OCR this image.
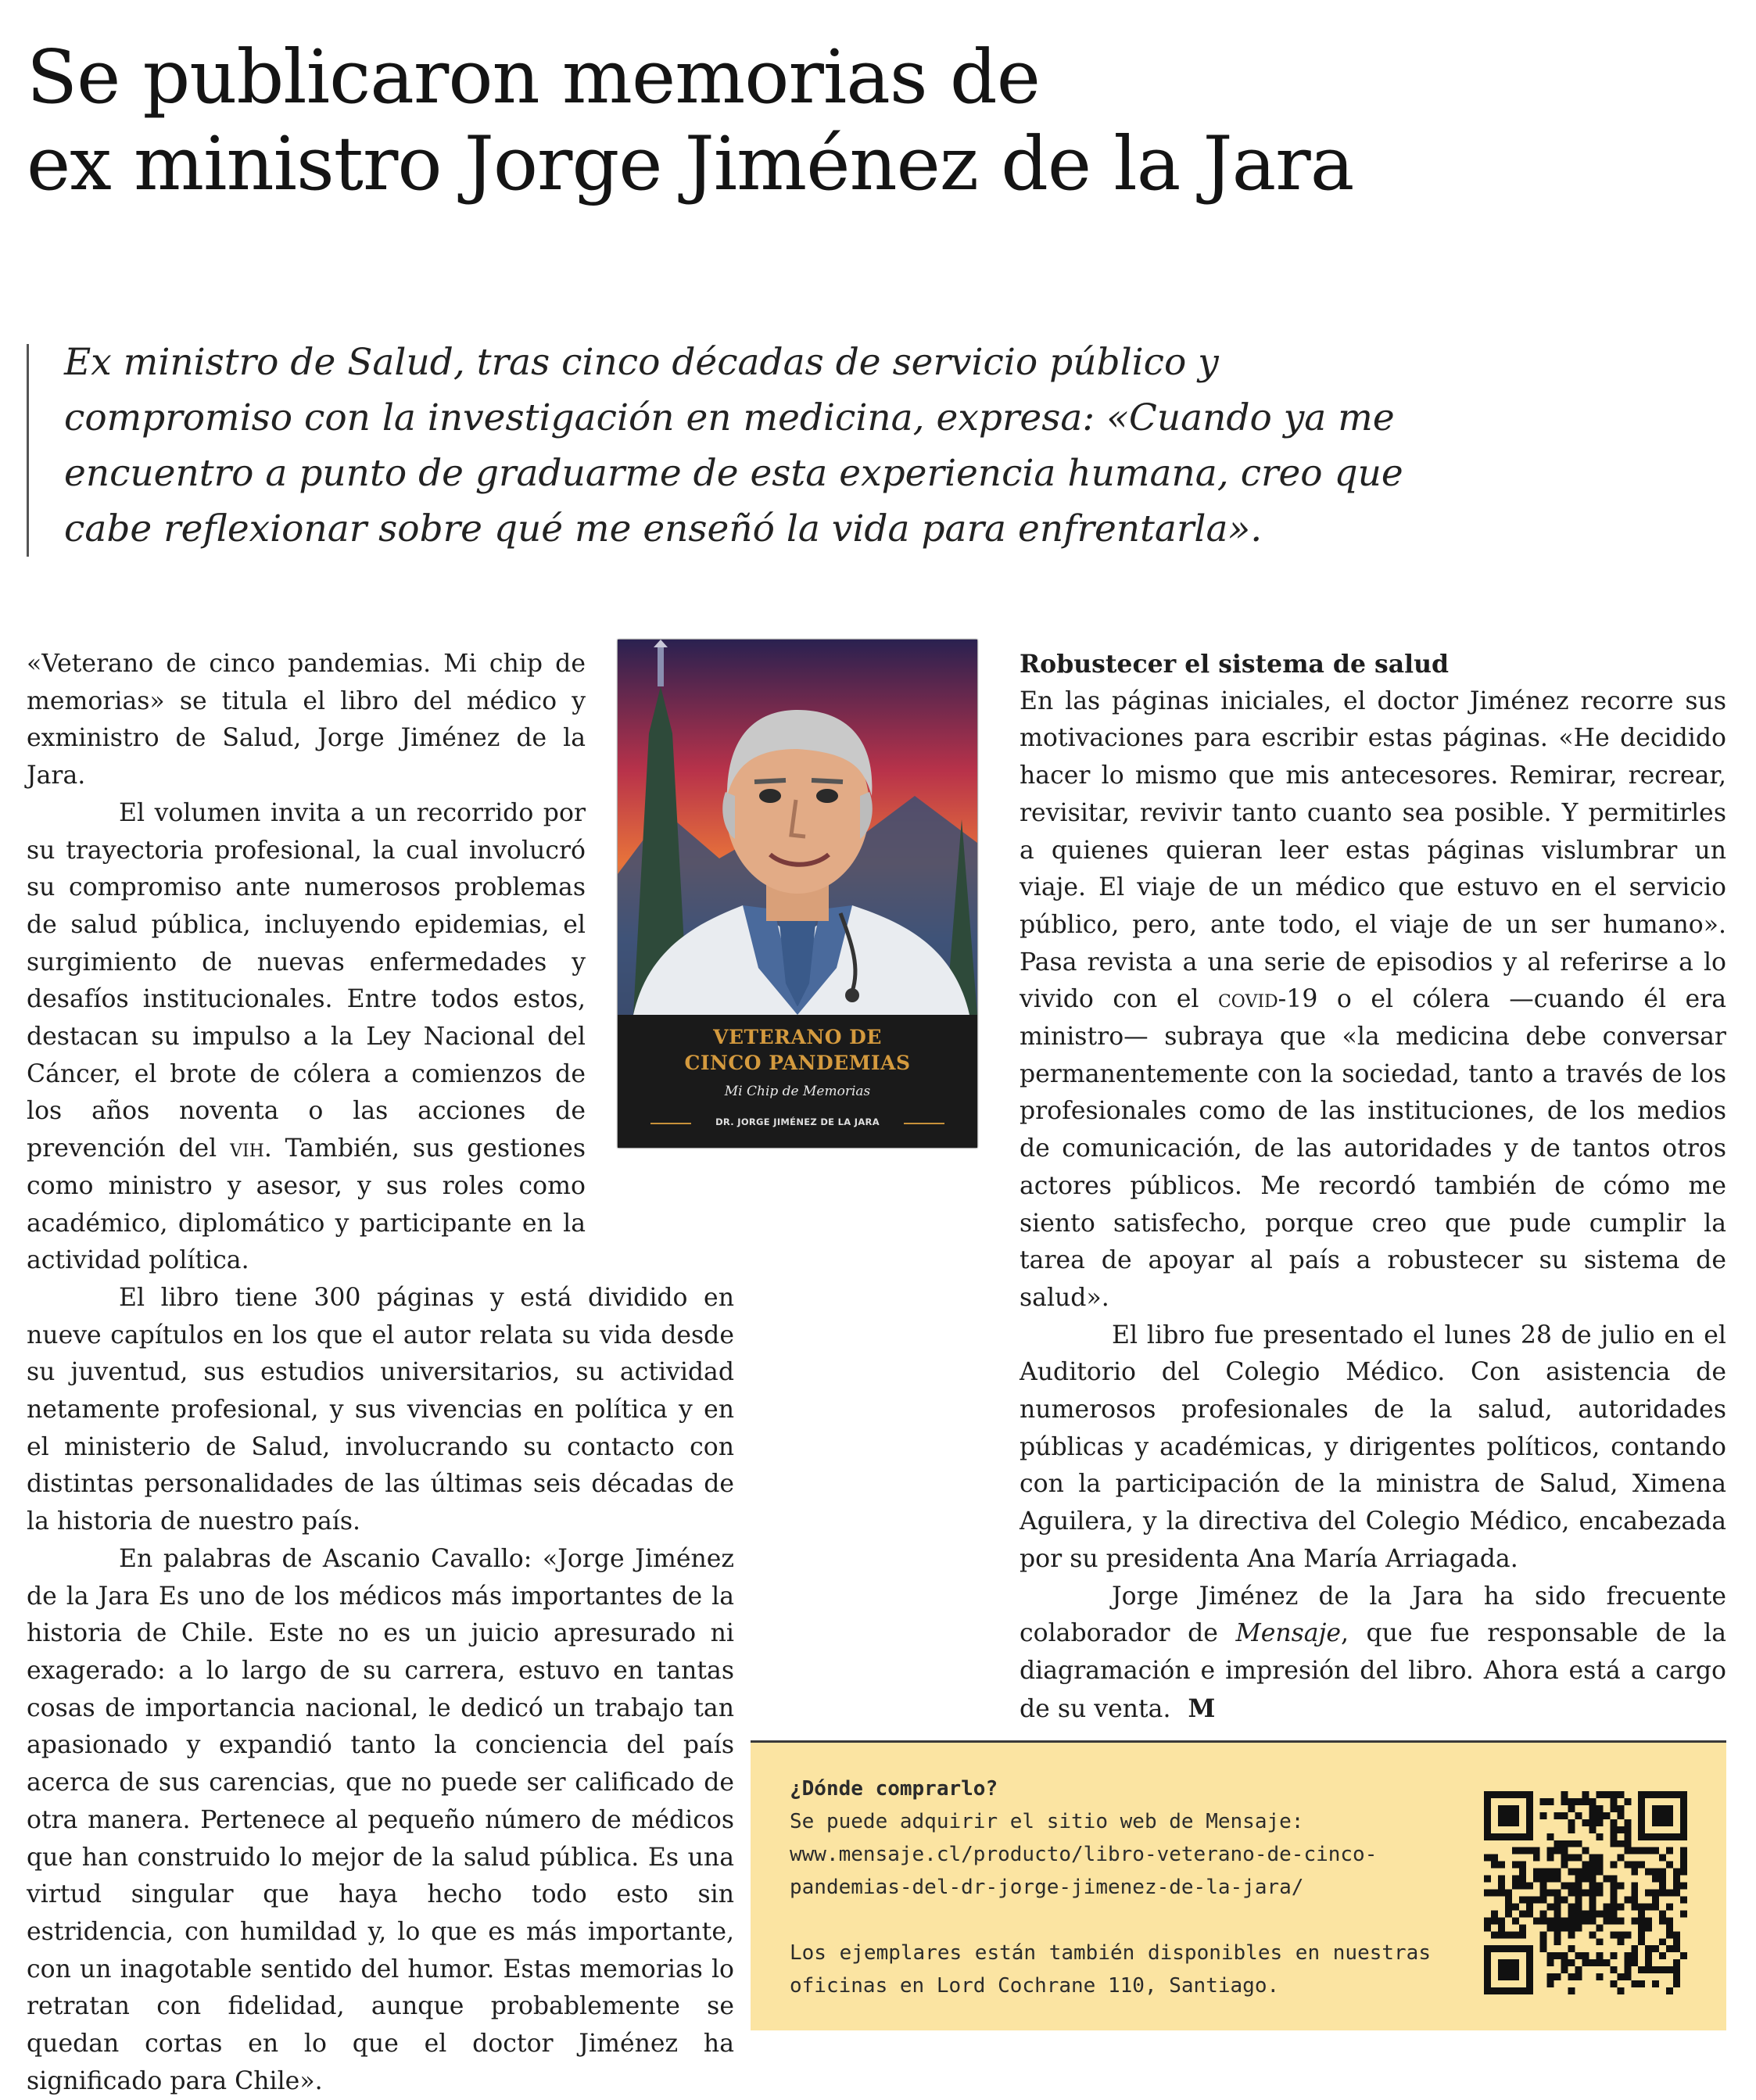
Se publicaron memorias de
ex ministro Jorge Jiménez de la Jara

Ex ministro de Salud, tras cinco décadas de servicio público y compromiso con la investigación en medicina, expresa: «Cuando ya me encuentro a punto de graduarme de esta experiencia humana, creo que cabe reflexionar sobre qué me enseñó la vida para enfrentarla».

«Veterano de cinco pandemias. Mi chip de memorias» se titula el libro del médico y exministro de Salud, Jorge Jiménez de la Jara.

El volumen invita a un recorrido por su trayectoria profesional, la cual involucró su compromiso ante numerosos problemas de salud pública, incluyendo epidemias, el surgimiento de nuevas enfermedades y desafíos institucionales. Entre todos estos, destacan su impulso a la Ley Nacional del Cáncer, el brote de cólera a comienzos de los años noventa o las acciones de prevención del vih. También, sus gestiones como ministro y asesor, y sus roles como académico, diplomático y participante en la actividad política.

El libro tiene 300 páginas y está dividido en nueve capítulos en los que el autor relata su vida desde su juventud, sus estudios universitarios, su actividad netamente profesional, y sus vivencias en política y en el ministerio de Salud, involucrando su contacto con distintas personalidades de las últimas seis décadas de la historia de nuestro país.

En palabras de Ascanio Cavallo: «Jorge Jiménez de la Jara Es uno de los médicos más importantes de la historia de Chile. Este no es un juicio apresurado ni exagerado: a lo largo de su carrera, estuvo en tantas cosas de importancia nacional, le dedicó un trabajo tan apasionado y expandió tanto la conciencia del país acerca de sus carencias, que no puede ser calificado de otra manera. Pertenece al pequeño número de médicos que han construido lo mejor de la salud pública. Es una virtud singular que haya hecho todo esto sin estridencia, con humildad y, lo que es más importante, con un inagotable sentido del humor. Estas memorias lo retratan con fidelidad, aunque probablemente se quedan cortas en lo que el doctor Jiménez ha significado para Chile».

VETERANO DE
CINCO PANDEMIAS
Mi Chip de Memorias
DR. JORGE JIMÉNEZ DE LA JARA

Robustecer el sistema de salud

En las páginas iniciales, el doctor Jiménez recorre sus motivaciones para escribir estas páginas. «He decidido hacer lo mismo que mis antecesores. Remirar, recrear, revisitar, revivir tanto cuanto sea posible. Y permitirles a quienes quieran leer estas páginas vislumbrar un viaje. El viaje de un médico que estuvo en el servicio público, pero, ante todo, el viaje de un ser humano». Pasa revista a una serie de episodios y al referirse a lo vivido con el covid-19 o el cólera —cuando él era ministro— subraya que «la medicina debe conversar permanentemente con la sociedad, tanto a través de los profesionales como de las instituciones, de los medios de comunicación, de las autoridades y de tantos otros actores públicos. Me recordó también de cómo me siento satisfecho, porque creo que pude cumplir la tarea de apoyar al país a robustecer su sistema de salud».

El libro fue presentado el lunes 28 de julio en el Auditorio del Colegio Médico. Con asistencia de numerosos profesionales de la salud, autoridades públicas y académicas, y dirigentes políticos, contando con la participación de la ministra de Salud, Ximena Aguilera, y la directiva del Colegio Médico, encabezada por su presidenta Ana María Arriagada.

Jorge Jiménez de la Jara ha sido frecuente colaborador de Mensaje, que fue responsable de la diagramación e impresión del libro. Ahora está a cargo de su venta. M

¿Dónde comprarlo?

Se puede adquirir el sitio web de Mensaje:

www.mensaje.cl/producto/libro-veterano-de-cinco-

pandemias-del-dr-jorge-jimenez-de-la-jara/

Los ejemplares están también disponibles en nuestras oficinas en Lord Cochrane 110, Santiago.
